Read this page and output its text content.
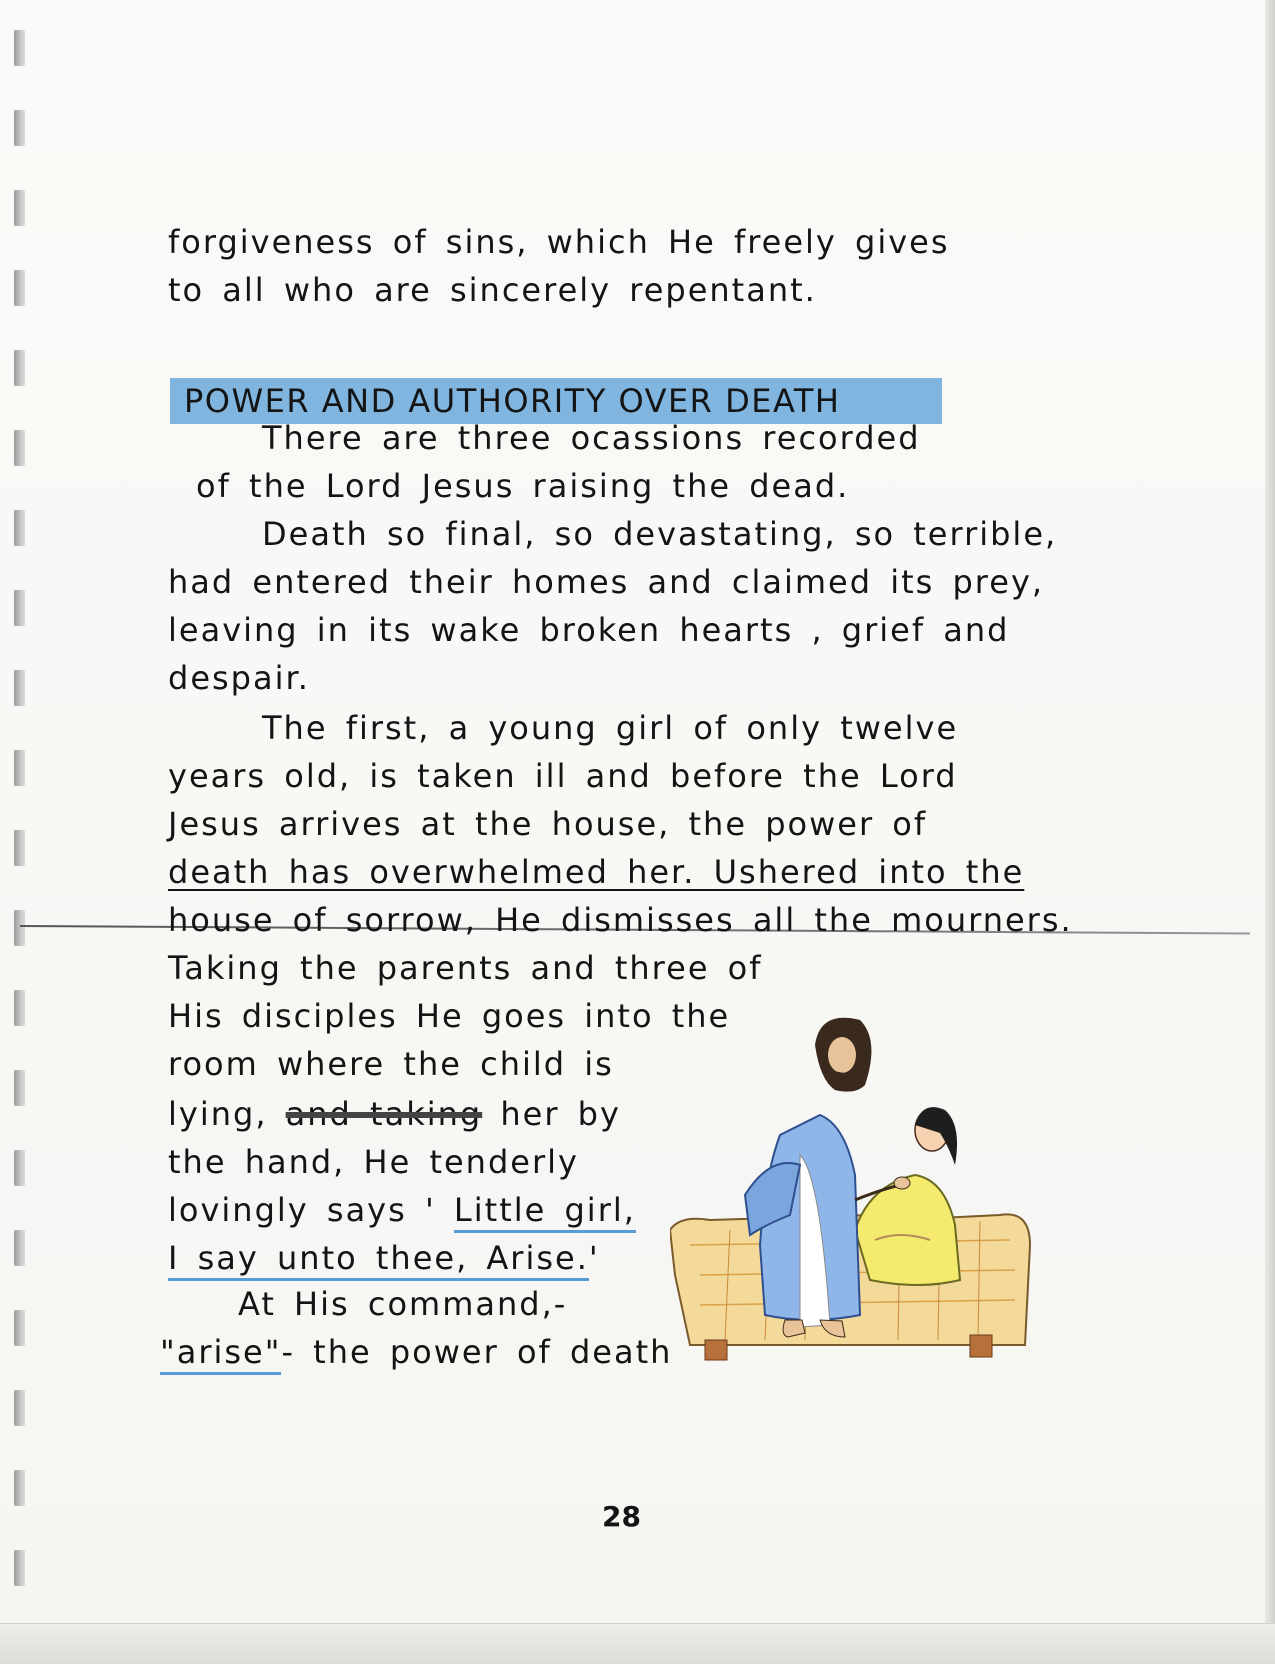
forgiveness of sins, which He freely gives
to all who are sincerely repentant.
POWER AND AUTHORITY OVER DEATH
There are three ocassions recorded
of the Lord Jesus raising the dead.
Death so final, so devastating, so terrible,
had entered their homes and claimed its prey,
leaving in its wake broken hearts , grief and
despair.
The first, a young girl of only twelve
years old, is taken ill and before the Lord
Jesus arrives at the house, the power of
death has overwhelmed her. Ushered into the
house of sorrow, He dismisses all the mourners.
Taking the parents and three of
His disciples He goes into the
room where the child is
lying, and taking her by
the hand, He tenderly
lovingly says ' Little girl,
I say unto thee, Arise.'
At His command,-
"arise"- the power of death
28
